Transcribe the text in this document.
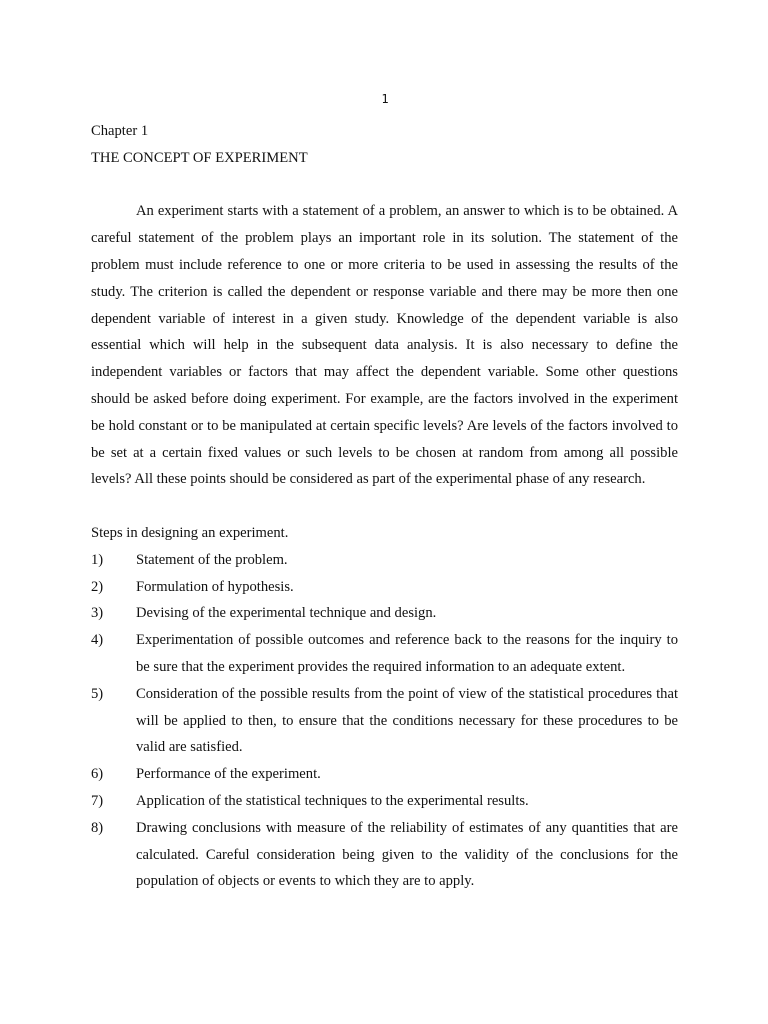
1
Chapter 1
THE CONCEPT OF EXPERIMENT

An experiment starts with a statement of a problem, an answer to which is to be obtained. A careful statement of the problem plays an important role in its solution. The statement of the problem must include reference to one or more criteria to be used in assessing the results of the study. The criterion is called the dependent or response variable and there may be more then one dependent variable of interest in a given study. Knowledge of the dependent variable is also essential which will help in the subsequent data analysis. It is also necessary to define the independent variables or factors that may affect the dependent variable. Some other questions should be asked before doing experiment. For example, are the factors involved in the experiment be hold constant or to be manipulated at certain specific levels? Are levels of the factors involved to be set at a certain fixed values or such levels to be chosen at random from among all possible levels? All these points should be considered as part of the experimental phase of any research.

Steps in designing an experiment.
1)	Statement of the problem.
2)	Formulation of hypothesis.
3)	Devising of the experimental technique and design.
4)	Experimentation of possible outcomes and reference back to the reasons for the inquiry to be sure that the experiment provides the required information to an adequate extent.
5)	Consideration of the possible results from the point of view of the statistical procedures that will be applied to then, to ensure that the conditions necessary for these procedures to be valid are satisfied.
6)	Performance of the experiment.
7)	Application of the statistical techniques to the experimental results.
8)	Drawing conclusions with measure of the reliability of estimates of any quantities that are calculated. Careful consideration being given to the validity of the conclusions for the population of objects or events to which they are to apply.
